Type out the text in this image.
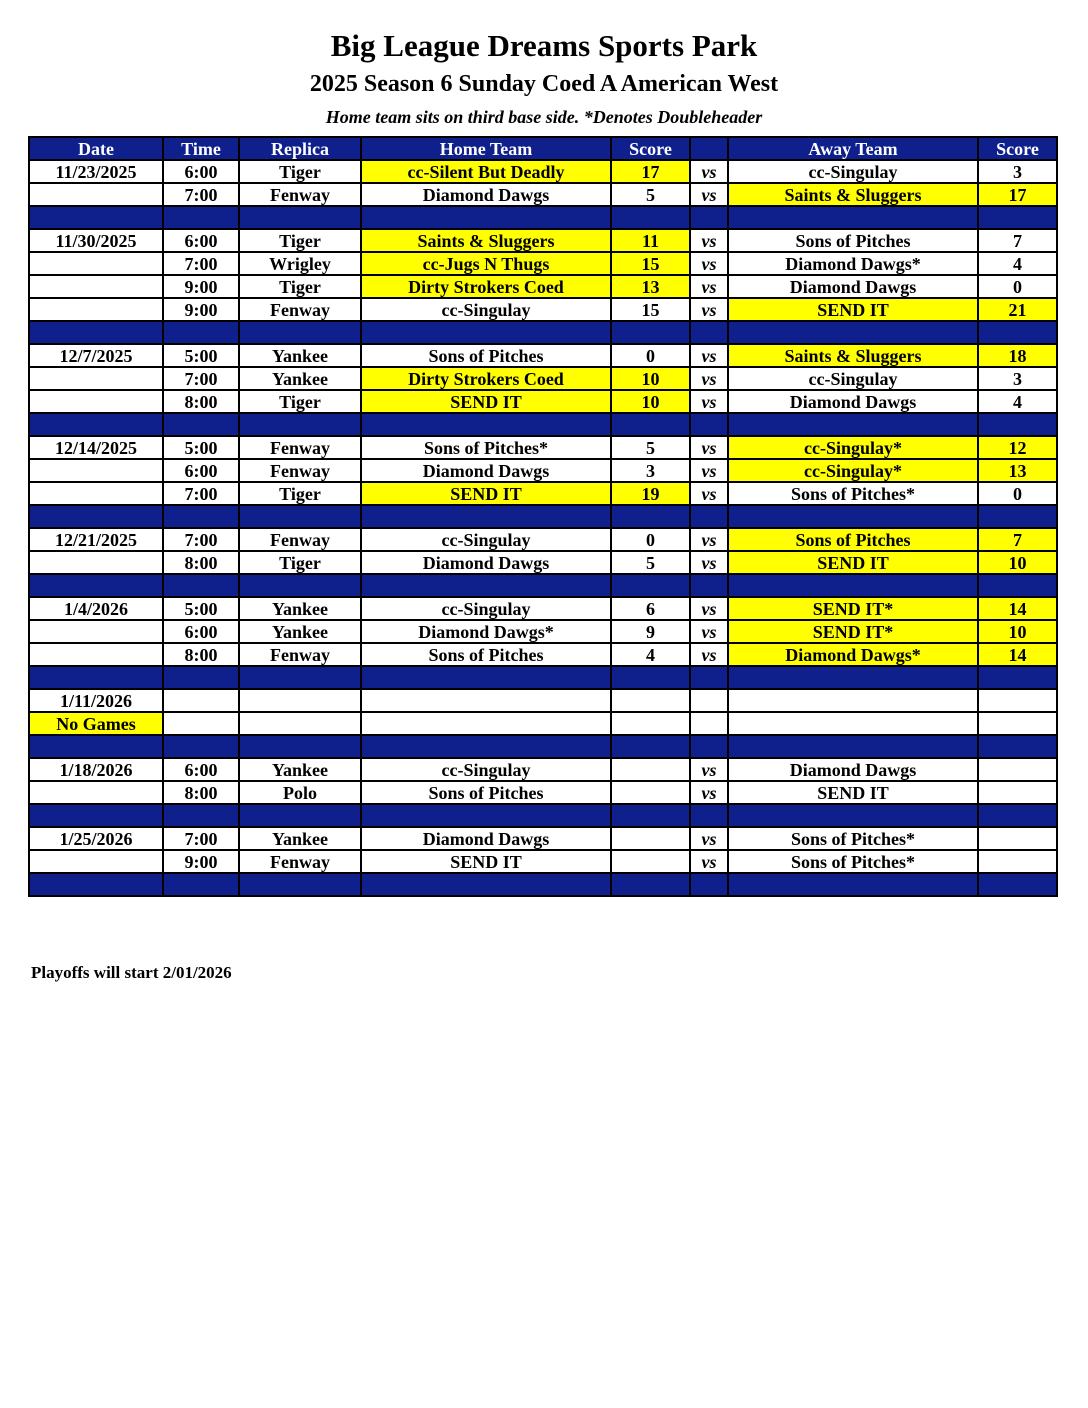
Big League Dreams Sports Park
2025 Season 6 Sunday Coed A American West
Home team sits on third base side. *Denotes Doubleheader
Date	Time	Replica	Home Team	Score		Away Team	Score
11/23/2025	6:00	Tiger	cc-Silent But Deadly	17	vs	cc-Singulay	3
	7:00	Fenway	Diamond Dawgs	5	vs	Saints & Sluggers	17

11/30/2025	6:00	Tiger	Saints & Sluggers	11	vs	Sons of Pitches	7
	7:00	Wrigley	cc-Jugs N Thugs	15	vs	Diamond Dawgs*	4
	9:00	Tiger	Dirty Strokers Coed	13	vs	Diamond Dawgs	0
	9:00	Fenway	cc-Singulay	15	vs	SEND IT	21

12/7/2025	5:00	Yankee	Sons of Pitches	0	vs	Saints & Sluggers	18
	7:00	Yankee	Dirty Strokers Coed	10	vs	cc-Singulay	3
	8:00	Tiger	SEND IT	10	vs	Diamond Dawgs	4

12/14/2025	5:00	Fenway	Sons of Pitches*	5	vs	cc-Singulay*	12
	6:00	Fenway	Diamond Dawgs	3	vs	cc-Singulay*	13
	7:00	Tiger	SEND IT	19	vs	Sons of Pitches*	0

12/21/2025	7:00	Fenway	cc-Singulay	0	vs	Sons of Pitches	7
	8:00	Tiger	Diamond Dawgs	5	vs	SEND IT	10

1/4/2026	5:00	Yankee	cc-Singulay	6	vs	SEND IT*	14
	6:00	Yankee	Diamond Dawgs*	9	vs	SEND IT*	10
	8:00	Fenway	Sons of Pitches	4	vs	Diamond Dawgs*	14

1/11/2026							
No Games							

1/18/2026	6:00	Yankee	cc-Singulay		vs	Diamond Dawgs	
	8:00	Polo	Sons of Pitches		vs	SEND IT	

1/25/2026	7:00	Yankee	Diamond Dawgs		vs	Sons of Pitches*	
	9:00	Fenway	SEND IT		vs	Sons of Pitches*	

Playoffs will start 2/01/2026
